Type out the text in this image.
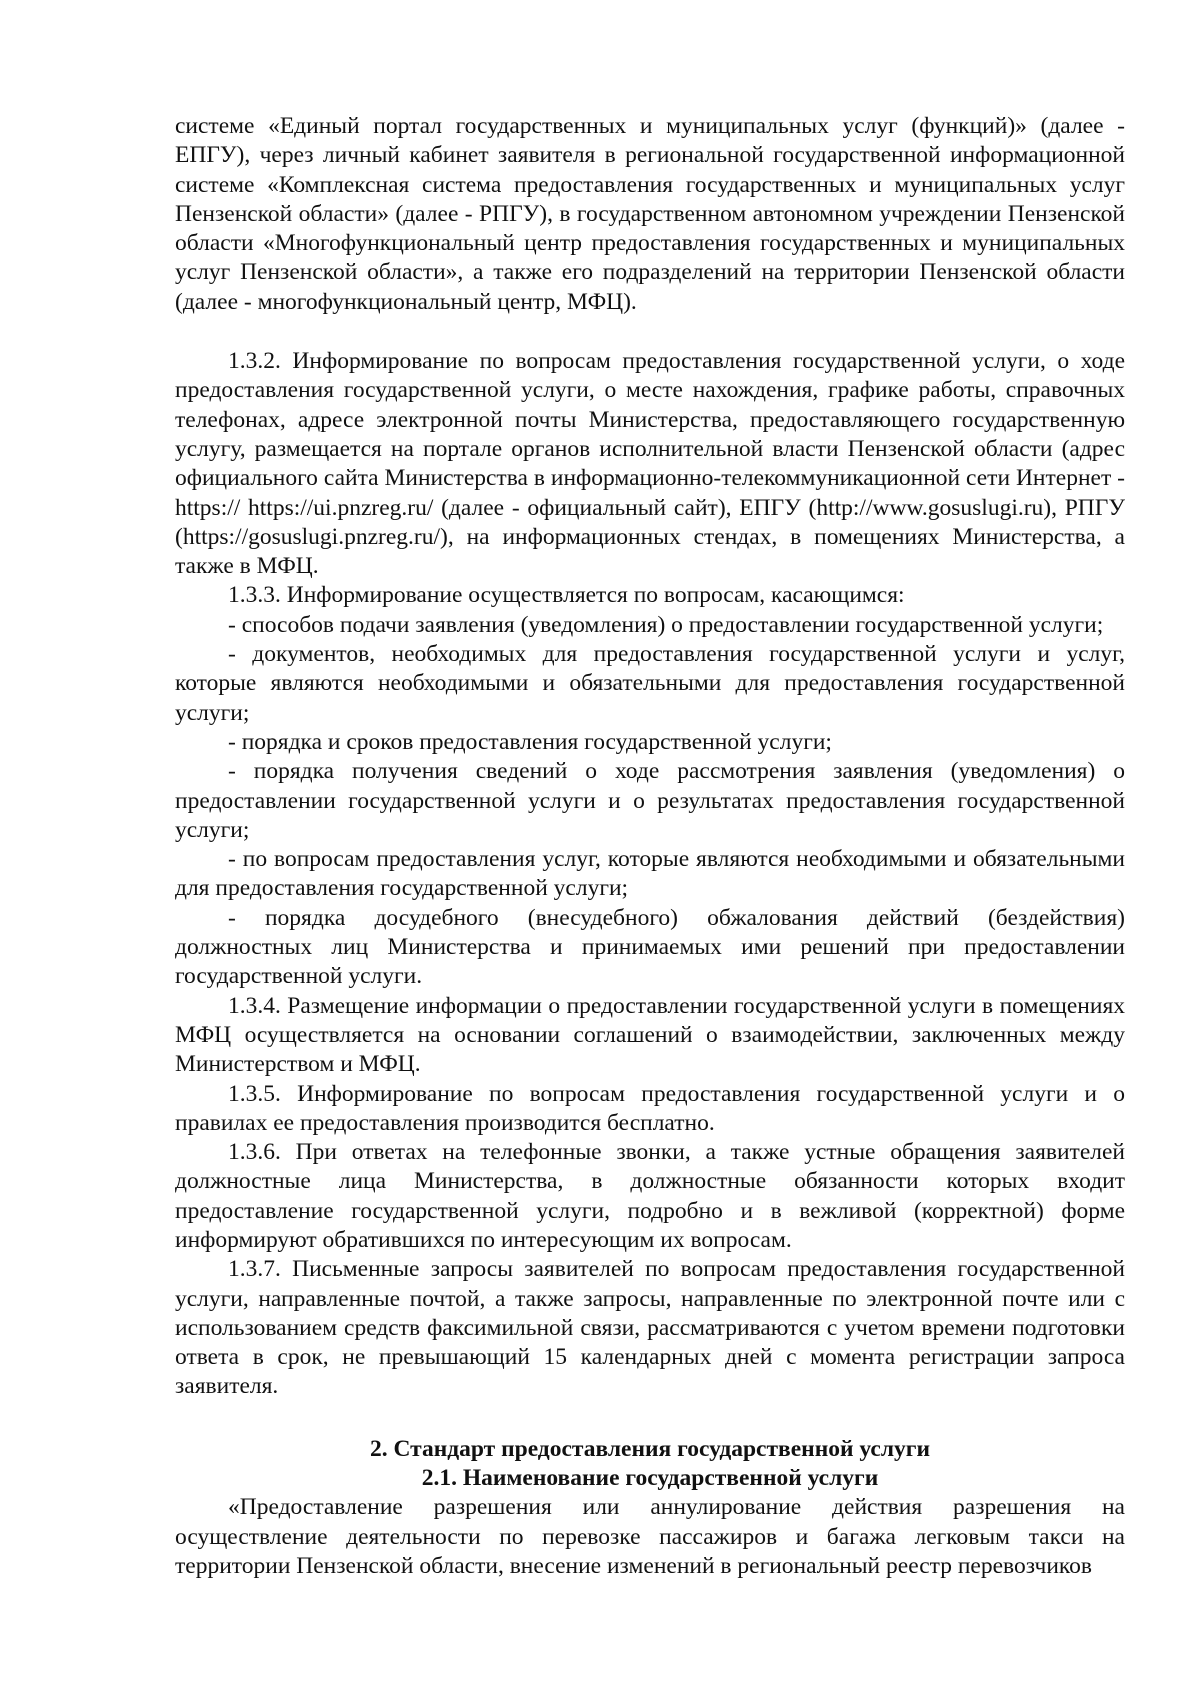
системе «Единый портал государственных и муниципальных услуг (функций)» (далее - ЕПГУ), через личный кабинет заявителя в региональной государственной информационной системе «Комплексная система предоставления государственных и муниципальных услуг Пензенской области» (далее - РПГУ), в государственном автономном учреждении Пензенской области «Многофункциональный центр предоставления государственных и муниципальных услуг Пензенской области», а также его подразделений на территории Пензенской области (далее - многофункциональный центр, МФЦ).

1.3.2. Информирование по вопросам предоставления государственной услуги, о ходе предоставления государственной услуги, о месте нахождения, графике работы, справочных телефонах, адресе электронной почты Министерства, предоставляющего государственную услугу, размещается на портале органов исполнительной власти Пензенской области (адрес официального сайта Министерства в информационно-телекоммуникационной сети Интернет - https:// https://ui.pnzreg.ru/ (далее - официальный сайт), ЕПГУ (http://www.gosuslugi.ru), РПГУ (https://gosuslugi.pnzreg.ru/), на информационных стендах, в помещениях Министерства, а также в МФЦ.

1.3.3. Информирование осуществляется по вопросам, касающимся:

- способов подачи заявления (уведомления) о предоставлении государственной услуги;

- документов, необходимых для предоставления государственной услуги и услуг, которые являются необходимыми и обязательными для предоставления государственной услуги;

- порядка и сроков предоставления государственной услуги;

- порядка получения сведений о ходе рассмотрения заявления (уведомления) о предоставлении государственной услуги и о результатах предоставления государственной услуги;

- по вопросам предоставления услуг, которые являются необходимыми и обязательными для предоставления государственной услуги;

- порядка досудебного (внесудебного) обжалования действий (бездействия) должностных лиц Министерства и принимаемых ими решений при предоставлении государственной услуги.

1.3.4. Размещение информации о предоставлении государственной услуги в помещениях МФЦ осуществляется на основании соглашений о взаимодействии, заключенных между Министерством и МФЦ.

1.3.5. Информирование по вопросам предоставления государственной услуги и о правилах ее предоставления производится бесплатно.

1.3.6. При ответах на телефонные звонки, а также устные обращения заявителей должностные лица Министерства, в должностные обязанности которых входит предоставление государственной услуги, подробно и в вежливой (корректной) форме информируют обратившихся по интересующим их вопросам.

1.3.7. Письменные запросы заявителей по вопросам предоставления государственной услуги, направленные почтой, а также запросы, направленные по электронной почте или с использованием средств факсимильной связи, рассматриваются с учетом времени подготовки ответа в срок, не превышающий 15 календарных дней с момента регистрации запроса заявителя.

2. Стандарт предоставления государственной услуги

2.1. Наименование государственной услуги

«Предоставление разрешения или аннулирование действия разрешения на осуществление деятельности по перевозке пассажиров и багажа легковым такси на территории Пензенской области, внесение изменений в региональный реестр перевозчиков
